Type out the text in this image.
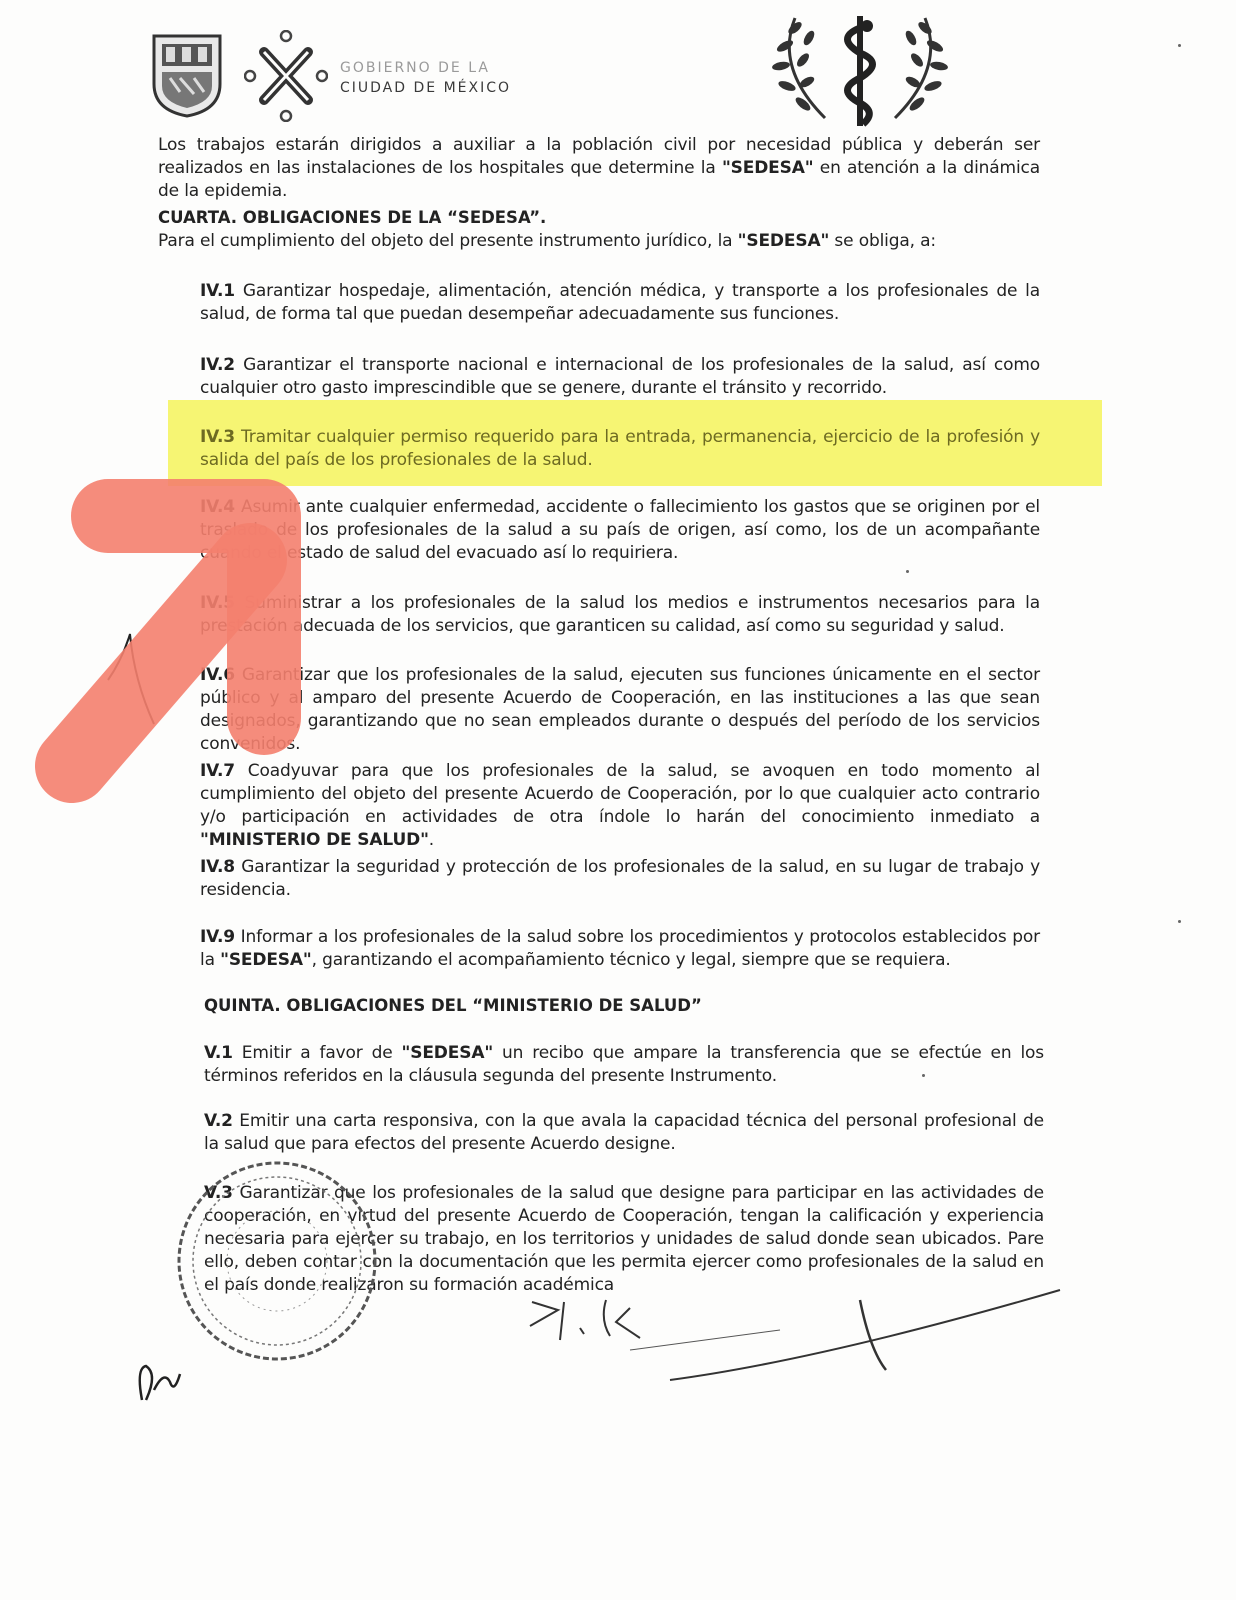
GOBIERNO DE LA
CIUDAD DE MÉXICO
Los trabajos estarán dirigidos a auxiliar a la población civil por necesidad pública y deberán ser realizados en las instalaciones de los hospitales que determine la "SEDESA" en atención a la dinámica de la epidemia.
CUARTA. OBLIGACIONES DE LA “SEDESA”.
Para el cumplimiento del objeto del presente instrumento jurídico, la "SEDESA" se obliga, a:
IV.1 Garantizar hospedaje, alimentación, atención médica, y transporte a los profesionales de la salud, de forma tal que puedan desempeñar adecuadamente sus funciones.
IV.2 Garantizar el transporte nacional e internacional de los profesionales de la salud, así como cualquier otro gasto imprescindible que se genere, durante el tránsito y recorrido.
IV.3 Tramitar cualquier permiso requerido para la entrada, permanencia, ejercicio de la profesión y salida del país de los profesionales de la salud.
IV.4 Asumir ante cualquier enfermedad, accidente o fallecimiento los gastos que se originen por el traslado de los profesionales de la salud a su país de origen, así como, los de un acompañante cuando el estado de salud del evacuado así lo requiriera.
IV.5 Suministrar a los profesionales de la salud los medios e instrumentos necesarios para la prestación adecuada de los servicios, que garanticen su calidad, así como su seguridad y salud.
IV.6 Garantizar que los profesionales de la salud, ejecuten sus funciones únicamente en el sector público y al amparo del presente Acuerdo de Cooperación, en las instituciones a las que sean designados, garantizando que no sean empleados durante o después del período de los servicios convenidos.
IV.7 Coadyuvar para que los profesionales de la salud, se avoquen en todo momento al cumplimiento del objeto del presente Acuerdo de Cooperación, por lo que cualquier acto contrario y/o participación en actividades de otra índole lo harán del conocimiento inmediato a "MINISTERIO DE SALUD".
IV.8 Garantizar la seguridad y protección de los profesionales de la salud, en su lugar de trabajo y residencia.
IV.9 Informar a los profesionales de la salud sobre los procedimientos y protocolos establecidos por la "SEDESA", garantizando el acompañamiento técnico y legal, siempre que se requiera.
QUINTA. OBLIGACIONES DEL “MINISTERIO DE SALUD”
V.1 Emitir a favor de "SEDESA" un recibo que ampare la transferencia que se efectúe en los términos referidos en la cláusula segunda del presente Instrumento.
V.2 Emitir una carta responsiva, con la que avala la capacidad técnica del personal profesional de la salud que para efectos del presente Acuerdo designe.
V.3 Garantizar que los profesionales de la salud que designe para participar en las actividades de cooperación, en virtud del presente Acuerdo de Cooperación, tengan la calificación y experiencia necesaria para ejercer su trabajo, en los territorios y unidades de salud donde sean ubicados. Pare ello, deben contar con la documentación que les permita ejercer como profesionales de la salud en el país donde realizaron su formación académica
